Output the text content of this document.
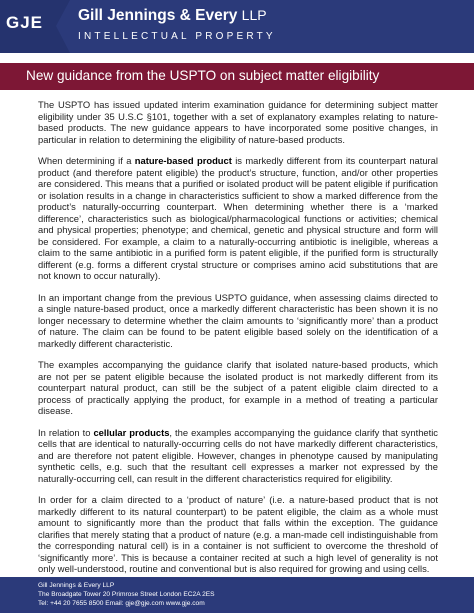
GJE Gill Jennings & Every LLP
INTELLECTUAL PROPERTY
New guidance from the USPTO on subject matter eligibility

The USPTO has issued updated interim examination guidance for determining subject matter eligibility under 35 U.S.C §101, together with a set of explanatory examples relating to nature-based products. The new guidance appears to have incorporated some positive changes, in particular in relation to determining the eligibility of nature-based products.

When determining if a nature-based product is markedly different from its counterpart natural product (and therefore patent eligible) the product’s structure, function, and/or other properties are considered. This means that a purified or isolated product will be patent eligible if purification or isolation results in a change in characteristics sufficient to show a marked difference from the product’s naturally-occurring counterpart. When determining whether there is a ‘marked difference’, characteristics such as biological/pharmacological functions or activities; chemical and physical properties; phenotype; and chemical, genetic and physical structure and form will be considered. For example, a claim to a naturally-occurring antibiotic is ineligible, whereas a claim to the same antibiotic in a purified form is patent eligible, if the purified form is structurally different (e.g. forms a different crystal structure or comprises amino acid substitutions that are not known to occur naturally).

In an important change from the previous USPTO guidance, when assessing claims directed to a single nature-based product, once a markedly different characteristic has been shown it is no longer necessary to determine whether the claim amounts to ‘significantly more’ than a product of nature. The claim can be found to be patent eligible based solely on the identification of a markedly different characteristic.

The examples accompanying the guidance clarify that isolated nature-based products, which are not per se patent eligible because the isolated product is not markedly different from its counterpart natural product, can still be the subject of a patent eligible claim directed to a process of practically applying the product, for example in a method of treating a particular disease.

In relation to cellular products, the examples accompanying the guidance clarify that synthetic cells that are identical to naturally-occurring cells do not have markedly different characteristics, and are therefore not patent eligible. However, changes in phenotype caused by manipulating synthetic cells, e.g. such that the resultant cell expresses a marker not expressed by the naturally-occurring cell, can result in the different characteristics required for eligibility.

In order for a claim directed to a ‘product of nature’ (i.e. a nature-based product that is not markedly different to its natural counterpart) to be patent eligible, the claim as a whole must amount to significantly more than the product that falls within the exception. The guidance clarifies that merely stating that a product of nature (e.g. a man-made cell indistinguishable from the corresponding natural cell) is in a container is not sufficient to overcome the threshold of ‘significantly more’. This is because a container recited at such a high level of generality is not only well-understood, routine and conventional but is also required for growing and using cells.

Gill Jennings & Every LLP
The Broadgate Tower 20 Primrose Street London EC2A 2ES
Tel: +44 20 7655 8500 Email: gje@gje.com www.gje.com
